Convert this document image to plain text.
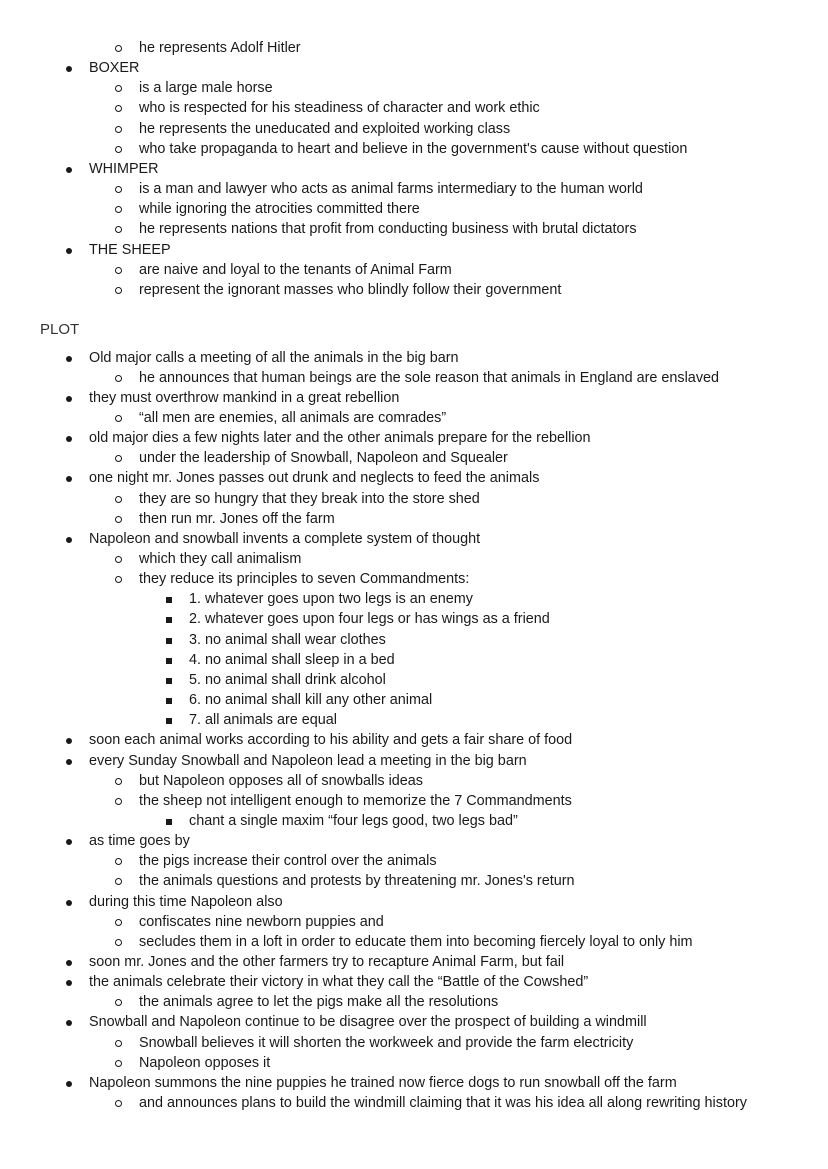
he represents Adolf Hitler
BOXER
is a large male horse
who is respected for his steadiness of character and work ethic
he represents the uneducated and exploited working class
who take propaganda to heart and believe in the government's cause without question
WHIMPER
is a man and lawyer who acts as animal farms intermediary to the human world
while ignoring the atrocities committed there
he represents nations that profit from conducting business with brutal dictators
THE SHEEP
are naive and loyal to the tenants of Animal Farm
represent the ignorant masses who blindly follow their government
PLOT
Old major calls a meeting of all the animals in the big barn
he announces that human beings are the sole reason that animals in England are enslaved
they must overthrow mankind in a great rebellion
“all men are enemies, all animals are comrades”
old major dies a few nights later and the other animals prepare for the rebellion
under the leadership of Snowball, Napoleon and Squealer
one night mr. Jones passes out drunk and neglects to feed the animals
they are so hungry that they break into the store shed
then run mr. Jones off the farm
Napoleon and snowball invents a complete system of thought
which they call animalism
they reduce its principles to seven Commandments:
1. whatever goes upon two legs is an enemy
2. whatever goes upon four legs or has wings as a friend
3. no animal shall wear clothes
4. no animal shall sleep in a bed
5. no animal shall drink alcohol
6. no animal shall kill any other animal
7. all animals are equal
soon each animal works according to his ability and gets a fair share of food
every Sunday Snowball and Napoleon lead a meeting in the big barn
but Napoleon opposes all of snowballs ideas
the sheep not intelligent enough to memorize the 7 Commandments
chant a single maxim “four legs good, two legs bad”
as time goes by
the pigs increase their control over the animals
the animals questions and protests by threatening mr. Jones's return
during this time Napoleon also
confiscates nine newborn puppies and
secludes them in a loft in order to educate them into becoming fiercely loyal to only him
soon mr. Jones and the other farmers try to recapture Animal Farm, but fail
the animals celebrate their victory in what they call the “Battle of the Cowshed”
the animals agree to let the pigs make all the resolutions
Snowball and Napoleon continue to be disagree over the prospect of building a windmill
Snowball believes it will shorten the workweek and provide the farm electricity
Napoleon opposes it
Napoleon summons the nine puppies he trained now fierce dogs to run snowball off the farm
and announces plans to build the windmill claiming that it was his idea all along rewriting history
